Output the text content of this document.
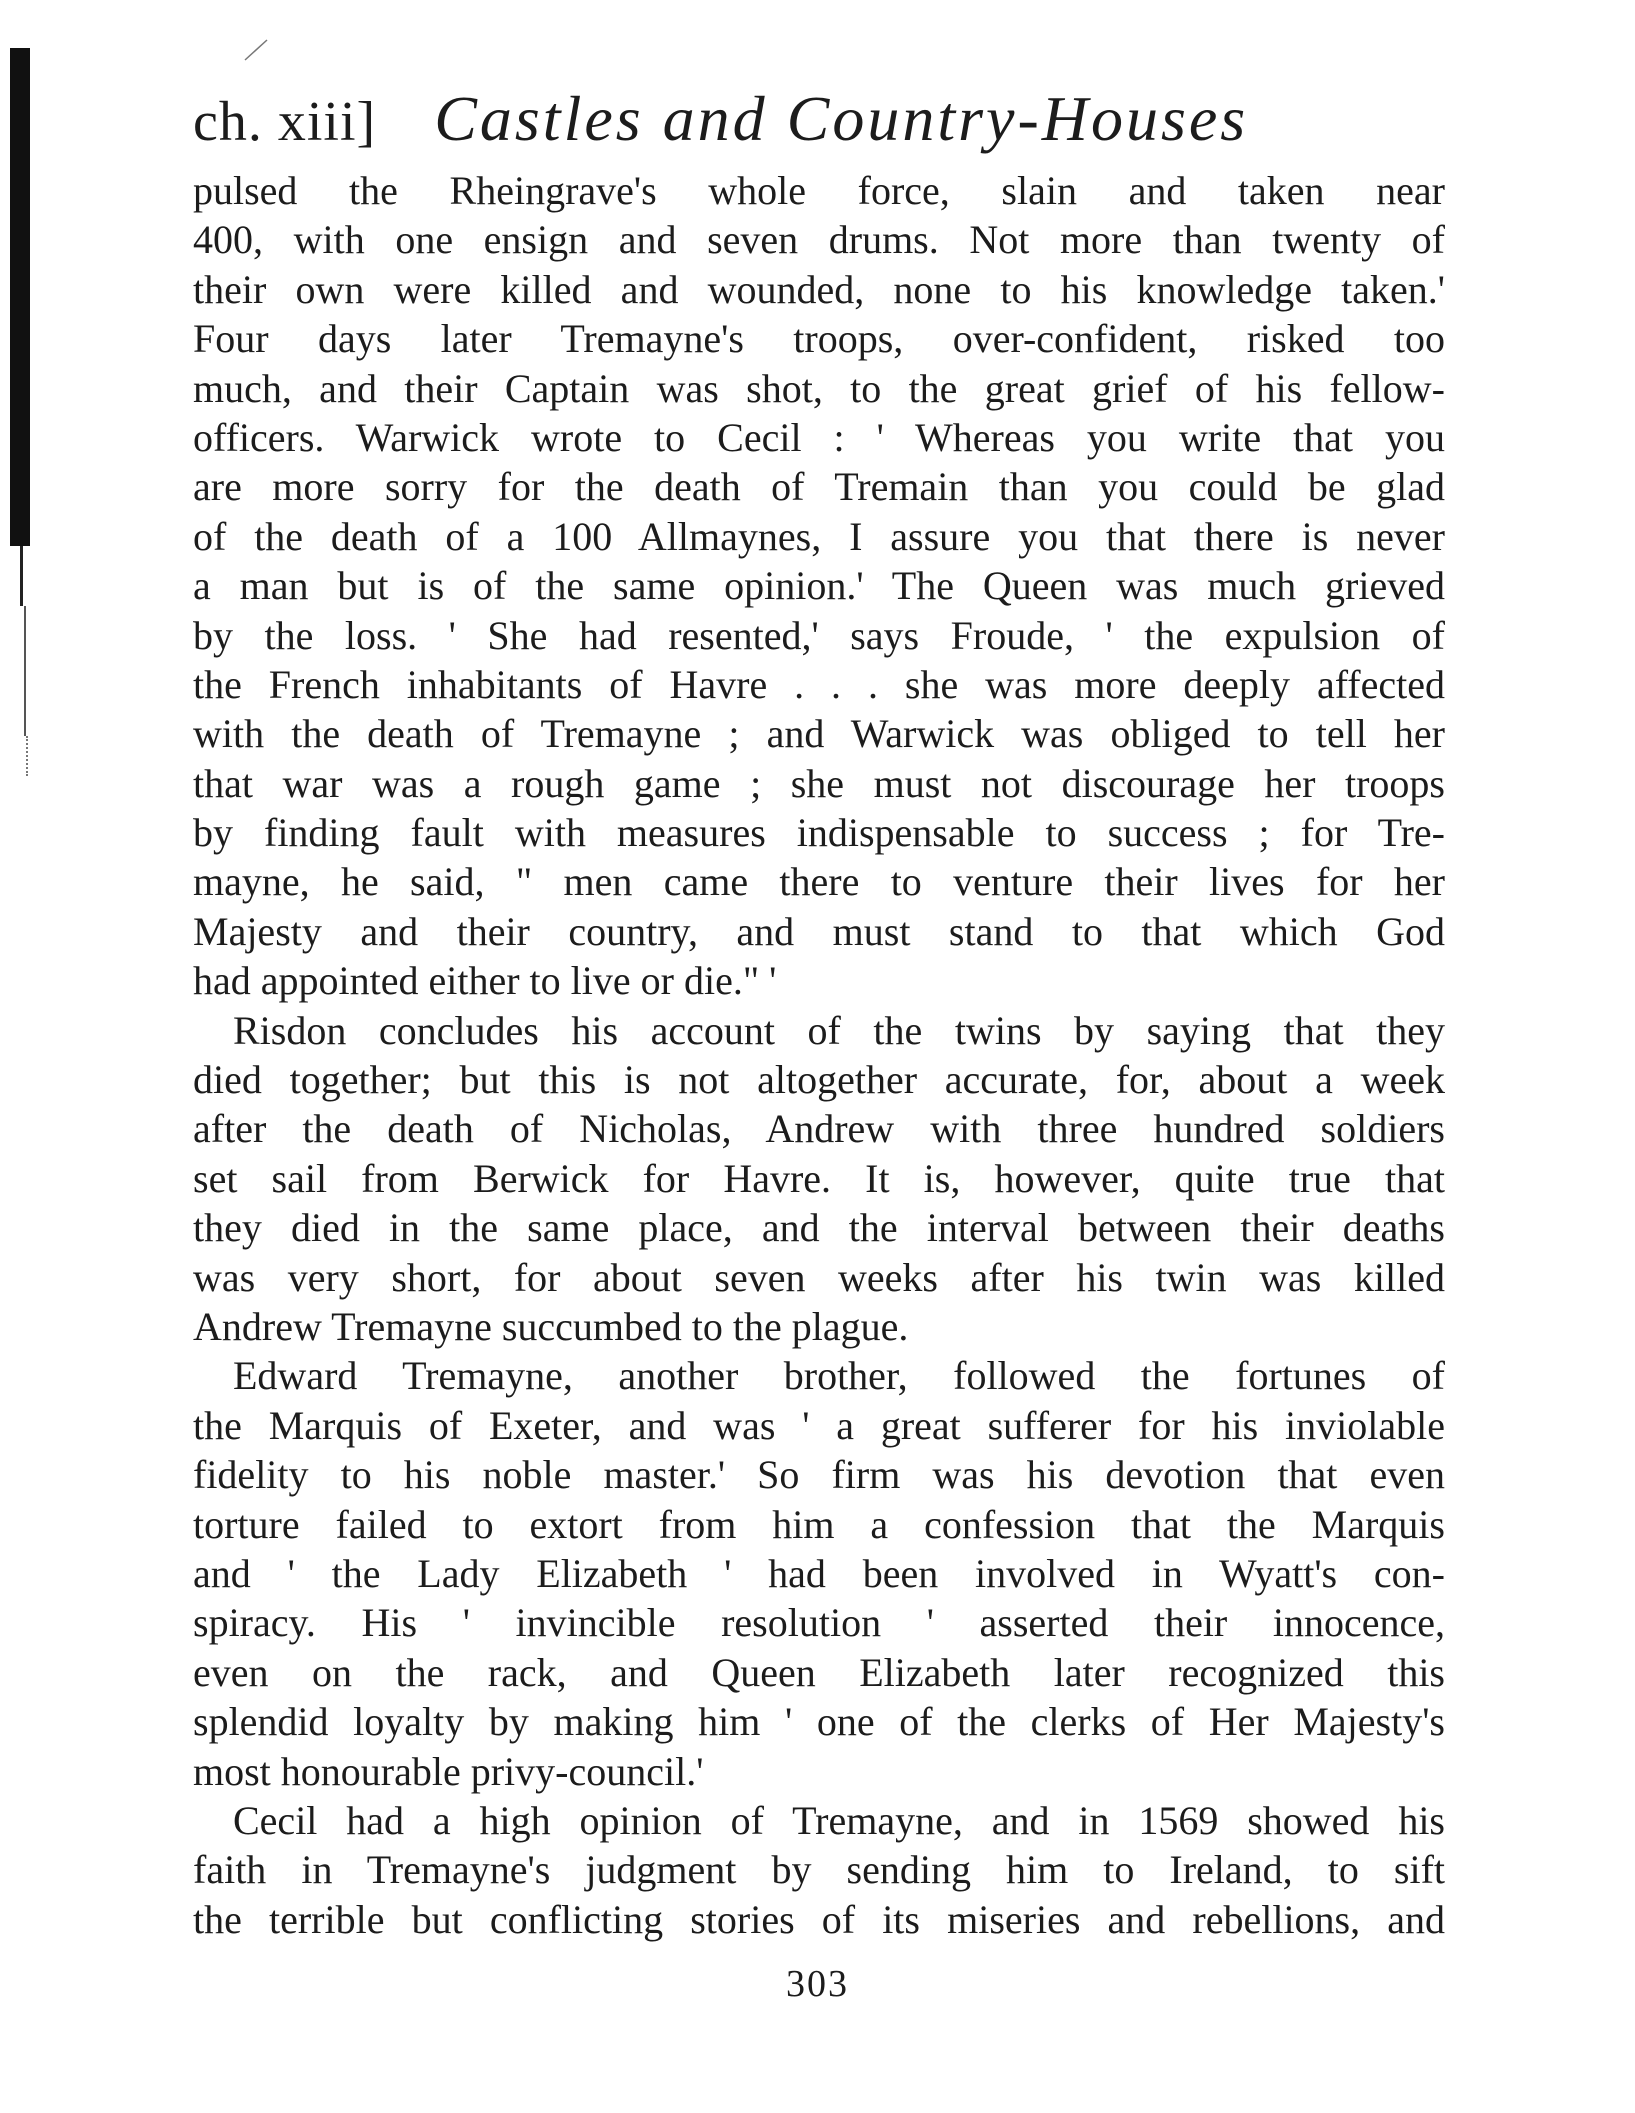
ch. xiii] Castles and Country-Houses
pulsed the Rheingrave's whole force, slain and taken near
400, with one ensign and seven drums. Not more than twenty of
their own were killed and wounded, none to his knowledge taken.'
Four days later Tremayne's troops, over-confident, risked too
much, and their Captain was shot, to the great grief of his fellow-
officers. Warwick wrote to Cecil : ' Whereas you write that you
are more sorry for the death of Tremain than you could be glad
of the death of a 100 Allmaynes, I assure you that there is never
a man but is of the same opinion.' The Queen was much grieved
by the loss. ' She had resented,' says Froude, ' the expulsion of
the French inhabitants of Havre . . . she was more deeply affected
with the death of Tremayne ; and Warwick was obliged to tell her
that war was a rough game ; she must not discourage her troops
by finding fault with measures indispensable to success ; for Tre-
mayne, he said, " men came there to venture their lives for her
Majesty and their country, and must stand to that which God
had appointed either to live or die." '
Risdon concludes his account of the twins by saying that they
died together; but this is not altogether accurate, for, about a week
after the death of Nicholas, Andrew with three hundred soldiers
set sail from Berwick for Havre. It is, however, quite true that
they died in the same place, and the interval between their deaths
was very short, for about seven weeks after his twin was killed
Andrew Tremayne succumbed to the plague.
Edward Tremayne, another brother, followed the fortunes of
the Marquis of Exeter, and was ' a great sufferer for his inviolable
fidelity to his noble master.' So firm was his devotion that even
torture failed to extort from him a confession that the Marquis
and ' the Lady Elizabeth ' had been involved in Wyatt's con-
spiracy. His ' invincible resolution ' asserted their innocence,
even on the rack, and Queen Elizabeth later recognized this
splendid loyalty by making him ' one of the clerks of Her Majesty's
most honourable privy-council.'
Cecil had a high opinion of Tremayne, and in 1569 showed his
faith in Tremayne's judgment by sending him to Ireland, to sift
the terrible but conflicting stories of its miseries and rebellions, and
303
